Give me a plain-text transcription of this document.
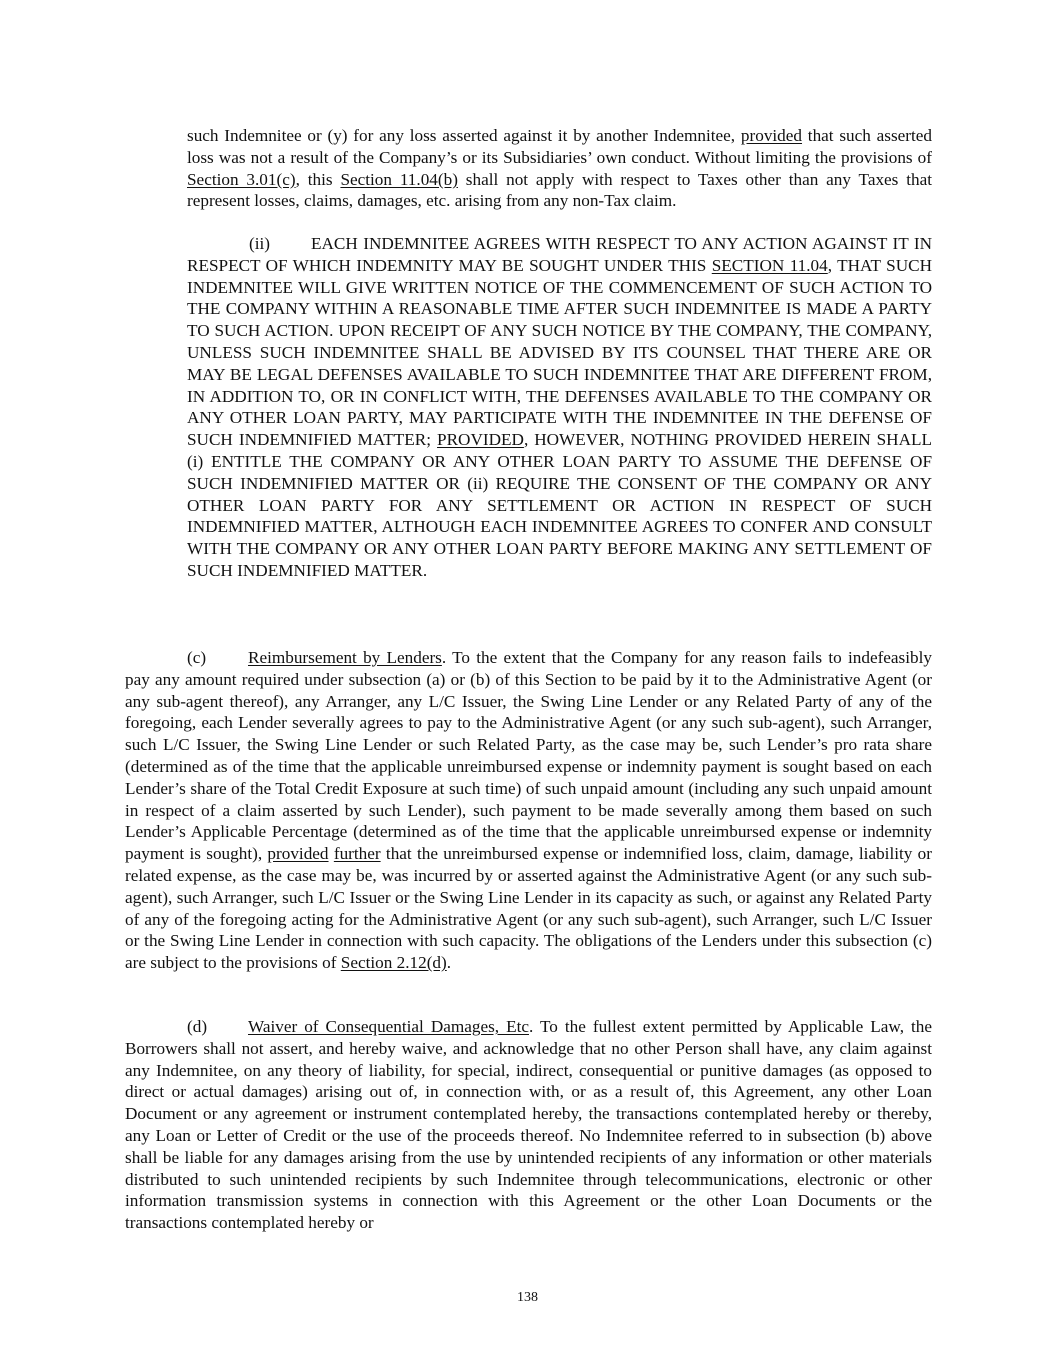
such Indemnitee or (y) for any loss asserted against it by another Indemnitee, provided that such asserted loss was not a result of the Company’s or its Subsidiaries’ own conduct. Without limiting the provisions of Section 3.01(c), this Section 11.04(b) shall not apply with respect to Taxes other than any Taxes that represent losses, claims, damages, etc. arising from any non-Tax claim.

(ii) EACH INDEMNITEE AGREES WITH RESPECT TO ANY ACTION AGAINST IT IN RESPECT OF WHICH INDEMNITY MAY BE SOUGHT UNDER THIS SECTION 11.04, THAT SUCH INDEMNITEE WILL GIVE WRITTEN NOTICE OF THE COMMENCEMENT OF SUCH ACTION TO THE COMPANY WITHIN A REASONABLE TIME AFTER SUCH INDEMNITEE IS MADE A PARTY TO SUCH ACTION. UPON RECEIPT OF ANY SUCH NOTICE BY THE COMPANY, THE COMPANY, UNLESS SUCH INDEMNITEE SHALL BE ADVISED BY ITS COUNSEL THAT THERE ARE OR MAY BE LEGAL DEFENSES AVAILABLE TO SUCH INDEMNITEE THAT ARE DIFFERENT FROM, IN ADDITION TO, OR IN CONFLICT WITH, THE DEFENSES AVAILABLE TO THE COMPANY OR ANY OTHER LOAN PARTY, MAY PARTICIPATE WITH THE INDEMNITEE IN THE DEFENSE OF SUCH INDEMNIFIED MATTER; PROVIDED, HOWEVER, NOTHING PROVIDED HEREIN SHALL (i) ENTITLE THE COMPANY OR ANY OTHER LOAN PARTY TO ASSUME THE DEFENSE OF SUCH INDEMNIFIED MATTER OR (ii) REQUIRE THE CONSENT OF THE COMPANY OR ANY OTHER LOAN PARTY FOR ANY SETTLEMENT OR ACTION IN RESPECT OF SUCH INDEMNIFIED MATTER, ALTHOUGH EACH INDEMNITEE AGREES TO CONFER AND CONSULT WITH THE COMPANY OR ANY OTHER LOAN PARTY BEFORE MAKING ANY SETTLEMENT OF SUCH INDEMNIFIED MATTER.

(c) Reimbursement by Lenders. To the extent that the Company for any reason fails to indefeasibly pay any amount required under subsection (a) or (b) of this Section to be paid by it to the Administrative Agent (or any sub-agent thereof), any Arranger, any L/C Issuer, the Swing Line Lender or any Related Party of any of the foregoing, each Lender severally agrees to pay to the Administrative Agent (or any such sub-agent), such Arranger, such L/C Issuer, the Swing Line Lender or such Related Party, as the case may be, such Lender’s pro rata share (determined as of the time that the applicable unreimbursed expense or indemnity payment is sought based on each Lender’s share of the Total Credit Exposure at such time) of such unpaid amount (including any such unpaid amount in respect of a claim asserted by such Lender), such payment to be made severally among them based on such Lender’s Applicable Percentage (determined as of the time that the applicable unreimbursed expense or indemnity payment is sought), provided further that the unreimbursed expense or indemnified loss, claim, damage, liability or related expense, as the case may be, was incurred by or asserted against the Administrative Agent (or any such sub-agent), such Arranger, such L/C Issuer or the Swing Line Lender in its capacity as such, or against any Related Party of any of the foregoing acting for the Administrative Agent (or any such sub-agent), such Arranger, such L/C Issuer or the Swing Line Lender in connection with such capacity. The obligations of the Lenders under this subsection (c) are subject to the provisions of Section 2.12(d).

(d) Waiver of Consequential Damages, Etc. To the fullest extent permitted by Applicable Law, the Borrowers shall not assert, and hereby waive, and acknowledge that no other Person shall have, any claim against any Indemnitee, on any theory of liability, for special, indirect, consequential or punitive damages (as opposed to direct or actual damages) arising out of, in connection with, or as a result of, this Agreement, any other Loan Document or any agreement or instrument contemplated hereby, the transactions contemplated hereby or thereby, any Loan or Letter of Credit or the use of the proceeds thereof. No Indemnitee referred to in subsection (b) above shall be liable for any damages arising from the use by unintended recipients of any information or other materials distributed to such unintended recipients by such Indemnitee through telecommunications, electronic or other information transmission systems in connection with this Agreement or the other Loan Documents or the transactions contemplated hereby or

138
